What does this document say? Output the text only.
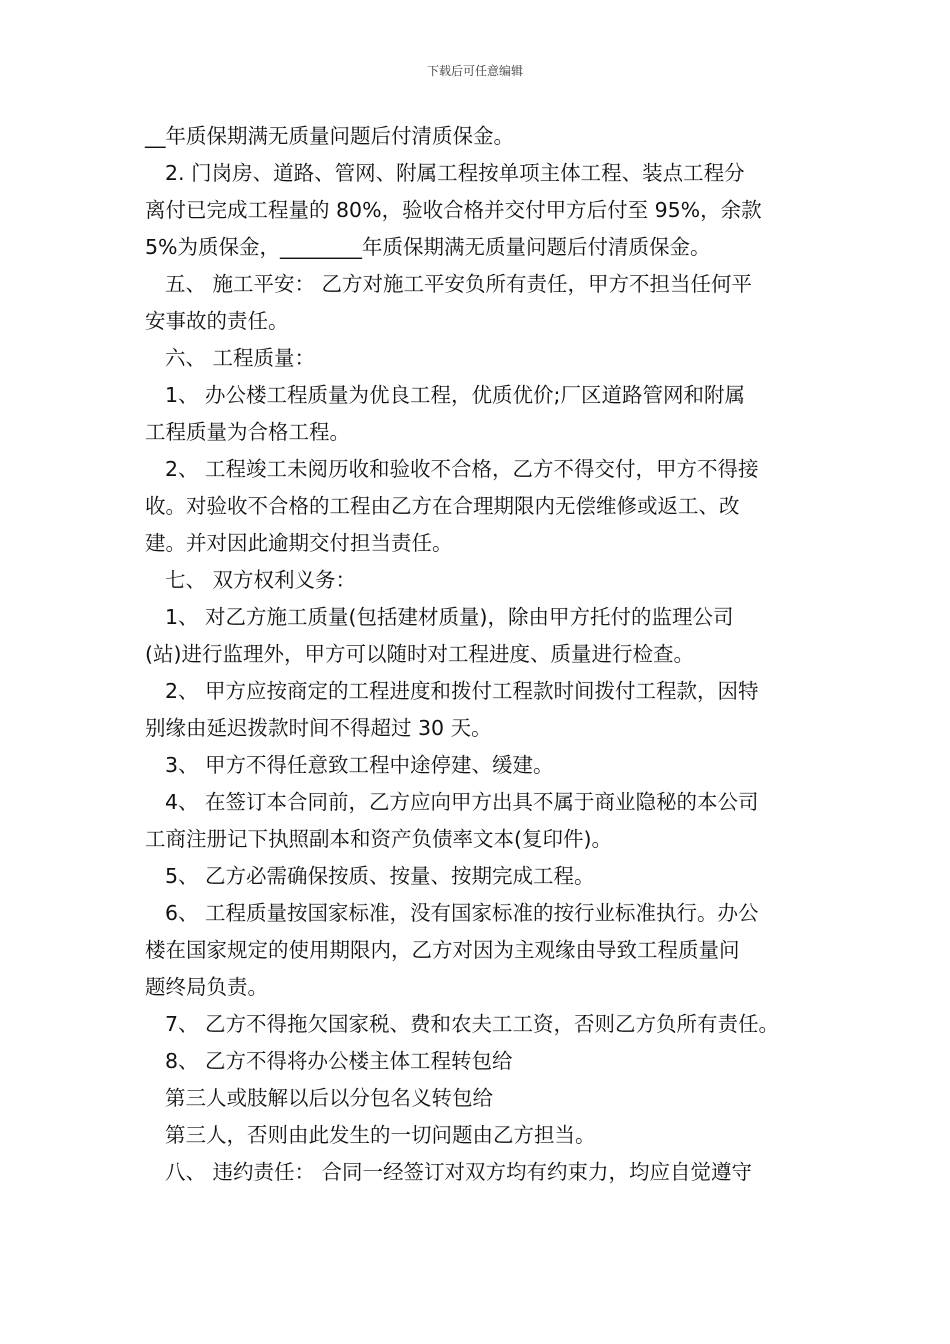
下载后可任意编辑
__年质保期满无质量问题后付清质保金。
2. 门岗房、道路、管网、附属工程按单项主体工程、装点工程分
离付已完成工程量的 80%，验收合格并交付甲方后付至 95%，余款
5%为质保金，________年质保期满无质量问题后付清质保金。
五、 施工平安： 乙方对施工平安负所有责任，甲方不担当任何平
安事故的责任。
六、 工程质量：
1、 办公楼工程质量为优良工程，优质优价;厂区道路管网和附属
工程质量为合格工程。
2、 工程竣工未阅历收和验收不合格，乙方不得交付，甲方不得接
收。对验收不合格的工程由乙方在合理期限内无偿维修或返工、改
建。并对因此逾期交付担当责任。
七、 双方权利义务：
1、 对乙方施工质量(包括建材质量)，除由甲方托付的监理公司
(站)进行监理外，甲方可以随时对工程进度、质量进行检查。
2、 甲方应按商定的工程进度和拨付工程款时间拨付工程款，因特
别缘由延迟拨款时间不得超过 30 天。
3、 甲方不得任意致工程中途停建、缓建。
4、 在签订本合同前，乙方应向甲方出具不属于商业隐秘的本公司
工商注册记下执照副本和资产负债率文本(复印件)。
5、 乙方必需确保按质、按量、按期完成工程。
6、 工程质量按国家标准，没有国家标准的按行业标准执行。办公
楼在国家规定的使用期限内，乙方对因为主观缘由导致工程质量问
题终局负责。
7、 乙方不得拖欠国家税、费和农夫工工资，否则乙方负所有责任。
8、 乙方不得将办公楼主体工程转包给
第三人或肢解以后以分包名义转包给
第三人，否则由此发生的一切问题由乙方担当。
八、 违约责任： 合同一经签订对双方均有约束力，均应自觉遵守
